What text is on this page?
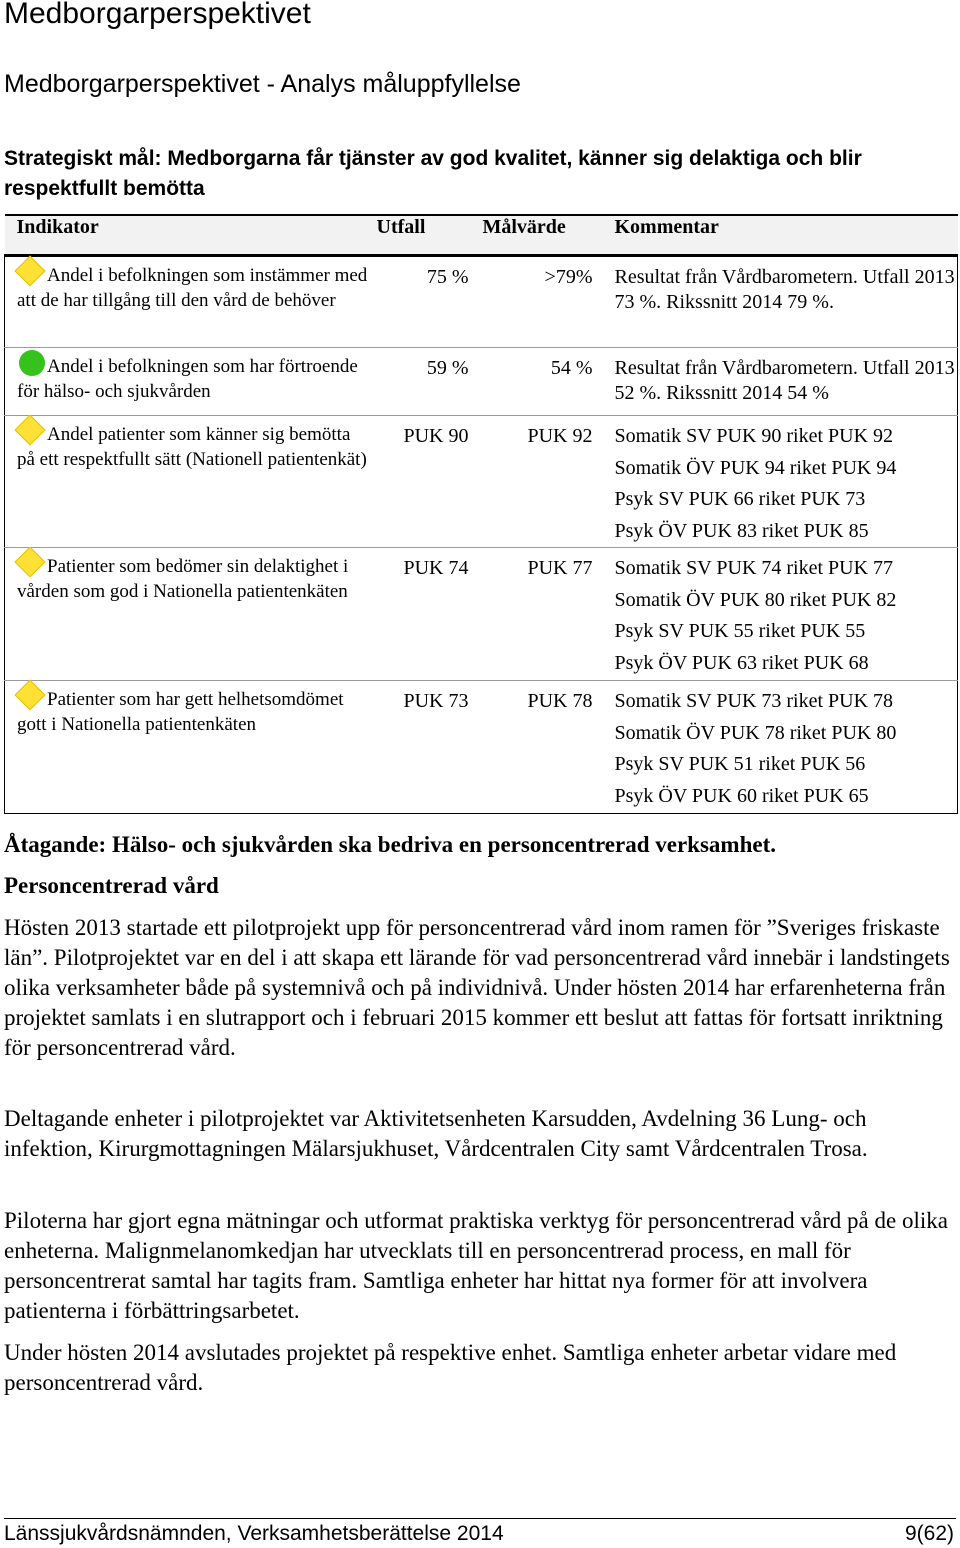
Medborgarperspektivet
Medborgarperspektivet - Analys måluppfyllelse
Strategiskt mål: Medborgarna får tjänster av god kvalitet, känner sig delaktiga och blir respektfullt bemötta
Indikator	Utfall	Målvärde	Kommentar

Andel i befolkningen som instämmer med att de har tillgång till den vård de behöver	75 %	>79%	Resultat från Vårdbarometern. Utfall 2013 73 %. Rikssnitt 2014 79 %.

Andel i befolkningen som har förtroende för hälso- och sjukvården	59 %	54 %	Resultat från Vårdbarometern. Utfall 2013 52 %. Rikssnitt 2014 54 %

Andel patienter som känner sig bemötta på ett respektfullt sätt (Nationell patientenkät)	PUK 90	PUK 92	Somatik SV PUK 90 riket PUK 92
Somatik ÖV PUK 94 riket PUK 94
Psyk SV PUK 66 riket PUK 73
Psyk ÖV PUK 83 riket PUK 85

Patienter som bedömer sin delaktighet i vården som god i Nationella patientenkäten	PUK 74	PUK 77	Somatik SV PUK 74 riket PUK 77
Somatik ÖV PUK 80 riket PUK 82
Psyk SV PUK 55 riket PUK 55
Psyk ÖV PUK 63 riket PUK 68

Patienter som har gett helhetsomdömet gott i Nationella patientenkäten	PUK 73	PUK 78	Somatik SV PUK 73 riket PUK 78
Somatik ÖV PUK 78 riket PUK 80
Psyk SV PUK 51 riket PUK 56
Psyk ÖV PUK 60 riket PUK 65
Åtagande: Hälso- och sjukvården ska bedriva en personcentrerad verksamhet.
Personcentrerad vård
Hösten 2013 startade ett pilotprojekt upp för personcentrerad vård inom ramen för ”Sveriges friskaste län”. Pilotprojektet var en del i att skapa ett lärande för vad personcentrerad vård innebär i landstingets olika verksamheter både på systemnivå och på individnivå. Under hösten 2014 har erfarenheterna från projektet samlats i en slutrapport och i februari 2015 kommer ett beslut att fattas för fortsatt inriktning för personcentrerad vård.
Deltagande enheter i pilotprojektet var Aktivitetsenheten Karsudden, Avdelning 36 Lung- och infektion, Kirurgmottagningen Mälarsjukhuset, Vårdcentralen City samt Vårdcentralen Trosa.
Piloterna har gjort egna mätningar och utformat praktiska verktyg för personcentrerad vård på de olika enheterna. Malignmelanomkedjan har utvecklats till en personcentrerad process, en mall för personcentrerat samtal har tagits fram. Samtliga enheter har hittat nya former för att involvera patienterna i förbättringsarbetet.
Under hösten 2014 avslutades projektet på respektive enhet. Samtliga enheter arbetar vidare med personcentrerad vård.
Länssjukvårdsnämnden, Verksamhetsberättelse 2014	9(62)
